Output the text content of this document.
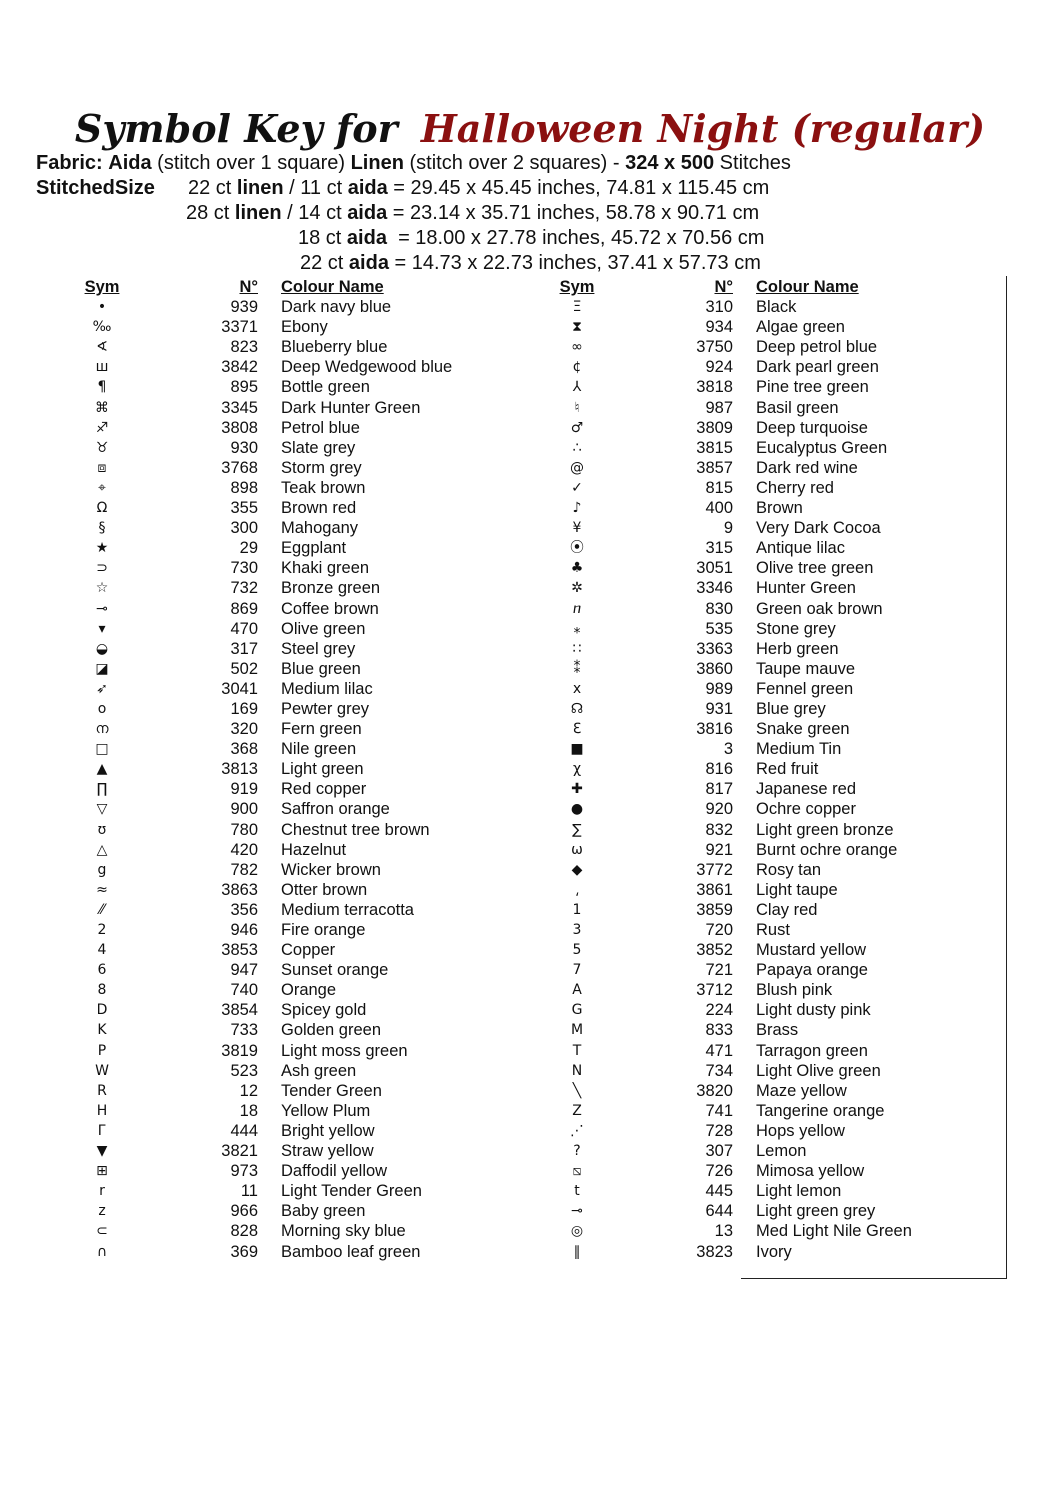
Symbol Key for Halloween Night (regular)
Fabric: Aida (stitch over 1 square) Linen (stitch over 2 squares) - 324 x 500 Stitches
StitchedSize 22 ct linen / 11 ct aida = 29.45 x 45.45 inches, 74.81 x 115.45 cm
28 ct linen / 14 ct aida = 23.14 x 35.71 inches, 58.78 x 90.71 cm
18 ct aida  = 18.00 x 27.78 inches, 45.72 x 70.56 cm
22 ct aida = 14.73 x 22.73 inches, 37.41 x 57.73 cm
Sym	N° Colour Name
•	939 Dark navy blue
‰	3371 Ebony
∢	823 Blueberry blue
ш	3842 Deep Wedgewood blue
¶	895 Bottle green
⌘	3345 Dark Hunter Green
♐	3808 Petrol blue
♉	930 Slate grey
⧈	3768 Storm grey
⌖	898 Teak brown
Ω	355 Brown red
§	300 Mahogany
★	29 Eggplant
⊃	730 Khaki green
☆	732 Bronze green
⊸	869 Coffee brown
▾	470 Olive green
◒	317 Steel grey
◪	502 Blue green
➶	3041 Medium lilac
o	169 Pewter grey
ന	320 Fern green
□	368 Nile green
▲	3813 Light green
∏	919 Red copper
▽	900 Saffron orange
ʊ	780 Chestnut tree brown
△	420 Hazelnut
g	782 Wicker brown
≈	3863 Otter brown
⁄⁄	356 Medium terracotta
2	946 Fire orange
4	3853 Copper
6	947 Sunset orange
8	740 Orange
D	3854 Spicey gold
K	733 Golden green
P	3819 Light moss green
W	523 Ash green
R	12 Tender Green
H	18 Yellow Plum
Г	444 Bright yellow
▼	3821 Straw yellow
⊞	973 Daffodil yellow
r	11 Light Tender Green
z	966 Baby green
⊂	828 Morning sky blue
∩	369 Bamboo leaf green
Sym	N° Colour Name
Ξ	310 Black
⧗	934 Algae green
∞	3750 Deep petrol blue
¢	924 Dark pearl green
⅄	3818 Pine tree green
♮	987 Basil green
♂	3809 Deep turquoise
∴	3815 Eucalyptus Green
@	3857 Dark red wine
✓	815 Cherry red
♪	400 Brown
¥	9 Very Dark Cocoa
⦿	315 Antique lilac
♣	3051 Olive tree green
✲	3346 Hunter Green
ⴖ	830 Green oak brown
⁎	535 Stone grey
∷	3363 Herb green
⁑	3860 Taupe mauve
x	989 Fennel green
☊	931 Blue grey
ℇ	3816 Snake green
■	3 Medium Tin
χ	816 Red fruit
✚	817 Japanese red
●	920 Ochre copper
∑	832 Light green bronze
ω	921 Burnt ochre orange
◆	3772 Rosy tan
⸲	3861 Light taupe
1	3859 Clay red
3	720 Rust
5	3852 Mustard yellow
7	721 Papaya orange
A	3712 Blush pink
G	224 Light dusty pink
M	833 Brass
T	471 Tarragon green
N	734 Light Olive green
╲	3820 Maze yellow
Z	741 Tangerine orange
⋰	728 Hops yellow
?	307 Lemon
⧅	726 Mimosa yellow
t	445 Light lemon
⊸	644 Light green grey
◎	13 Med Light Nile Green
∥	3823 Ivory
